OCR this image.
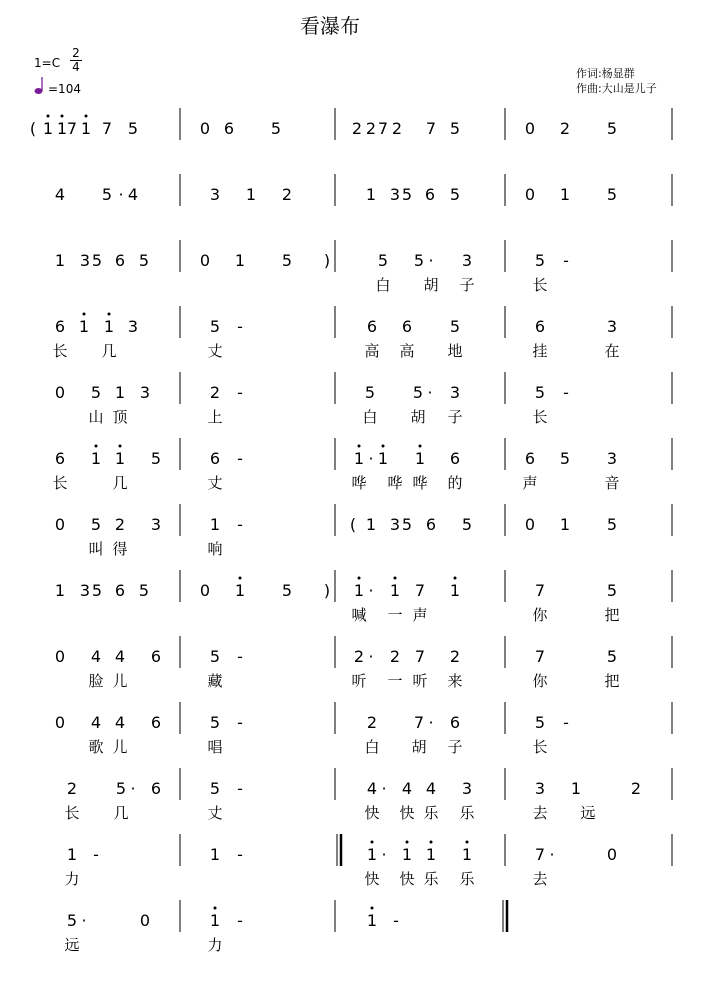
看瀑布
$1=C \frac{2}{4}$
=104
作词:杨显群
作曲:大山是儿子
( 1 1 7 1 7 5	0 6 5	2 2 7 2 7 5	0 2 5
4 5 · 4	3 1 2	1 3 5 6 5	0 1 5
1 3 5 6 5	0 1 5 )	5 5 · 3	5 -
白 胡 子	长
6 1 1 3	5 -	6 6 5	6	3
长 几	丈	高 高 地	挂	在
0 5 1 3	2 -	5 5 · 3	5 -
山 顶	上	白 胡 子	长
6 1 1 5	6 -	1 · 1 1 6	6 5 3
长	几	丈	哗 哗 哗 的	声	音
0 5 2 3	1 -	( 1 3 5 6 5	0 1 5
叫 得	响
1 3 5 6 5	0 1 5 ) 1 · 1 7 1	7	5
喊 一 声	你	把
0 4 4 6	5 -	2 · 2 7 2	7	5
脸 儿	藏	听 一 听 来	你	把
0 4 4 6	5 -	2 7 · 6	5 -
歌 儿	唱	白 胡 子	长
2 5 · 6	5 -	4 · 4 4 3	3 1	2
长 几	丈	快 快 乐 乐	去 远
1 -	1 -	1 · 1 1 1	7 ·	0
力	快 快 乐 乐	去
5 ·	0	1 -	1 -
远	力
